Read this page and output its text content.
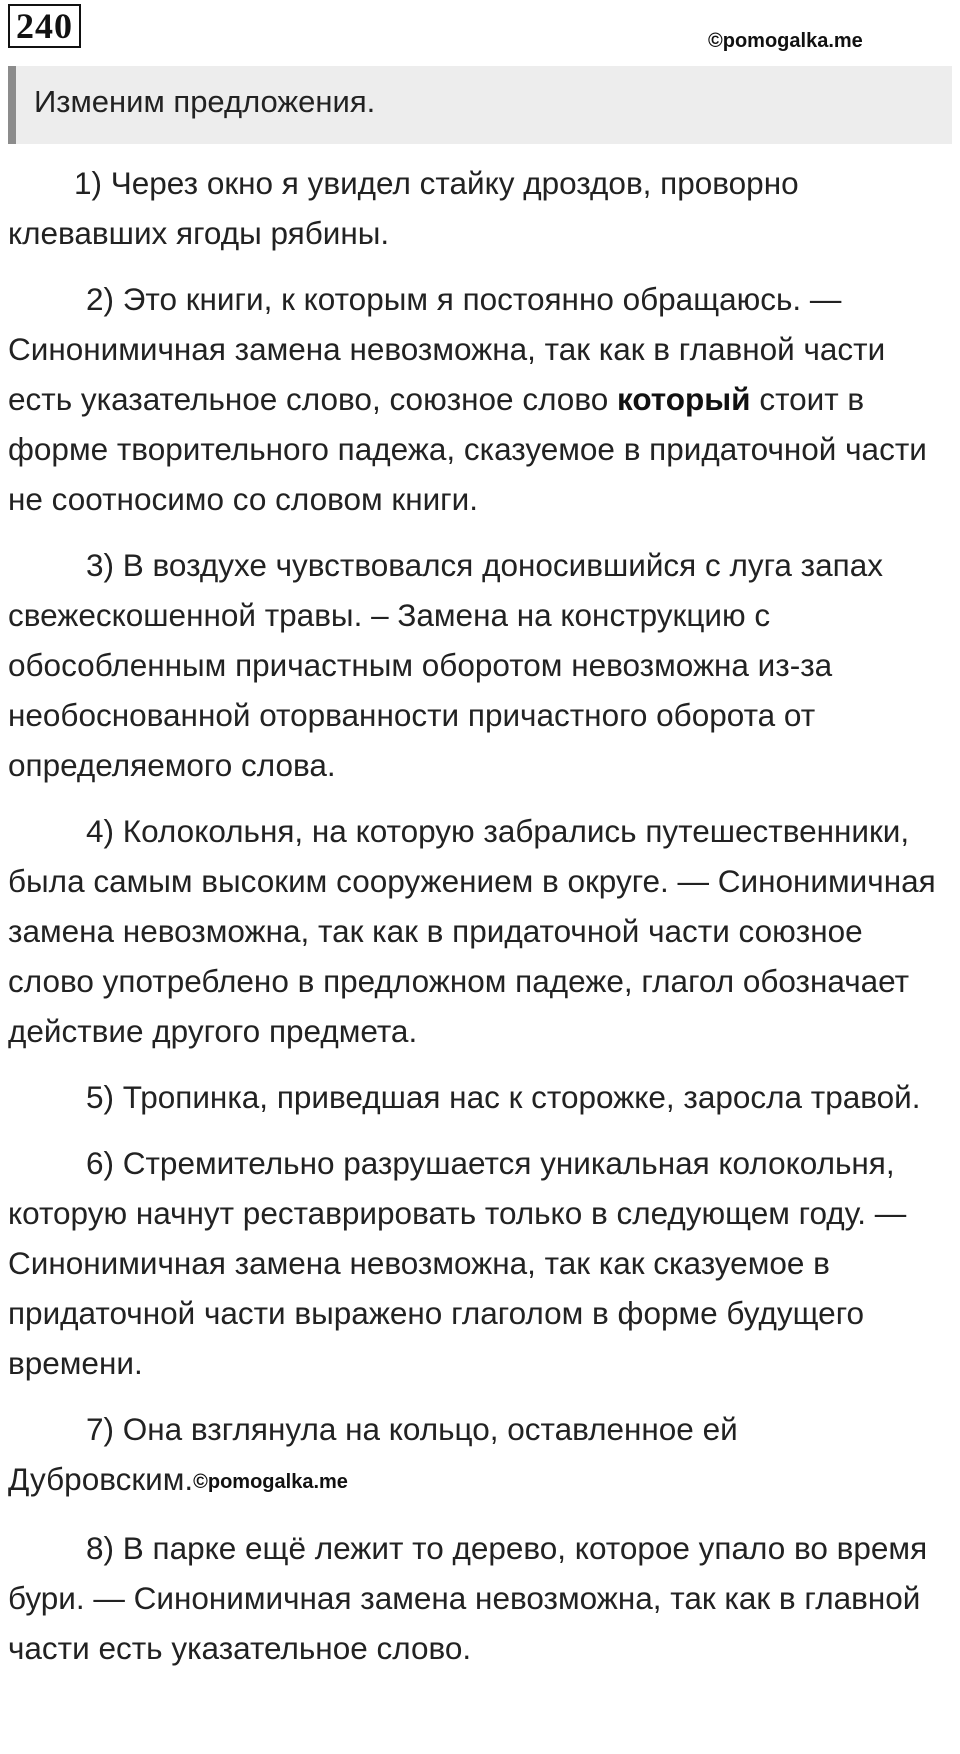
240	©pomogalka.me
Изменим предложения.

1) Через окно я увидел стайку дроздов, проворно клевавших ягоды рябины.

2) Это книги, к которым я постоянно обращаюсь. — Синонимичная замена невозможна, так как в главной части есть указательное слово, союзное слово который стоит в форме творительного падежа, сказуемое в придаточной части не соотносимо со словом книги.

3) В воздухе чувствовался доносившийся с луга запах свежескошенной травы. – Замена на конструкцию с обособленным причастным оборотом невозможна из-за необоснованной оторванности причастного оборота от определяемого слова.

4) Колокольня, на которую забрались путешественники, была самым высоким сооружением в округе. — Синонимичная замена невозможна, так как в придаточной части союзное слово употреблено в предложном падеже, глагол обозначает действие другого предмета.

5) Тропинка, приведшая нас к сторожке, заросла травой.

6) Стремительно разрушается уникальная колокольня, которую начнут реставрировать только в следующем году. — Синонимичная замена невозможна, так как сказуемое в придаточной части выражено глаголом в форме будущего времени.

7) Она взглянула на кольцо, оставленное ей Дубровским.©pomogalka.me

8) В парке ещё лежит то дерево, которое упало во время бури. — Синонимичная замена невозможна, так как в главной части есть указательное слово.
